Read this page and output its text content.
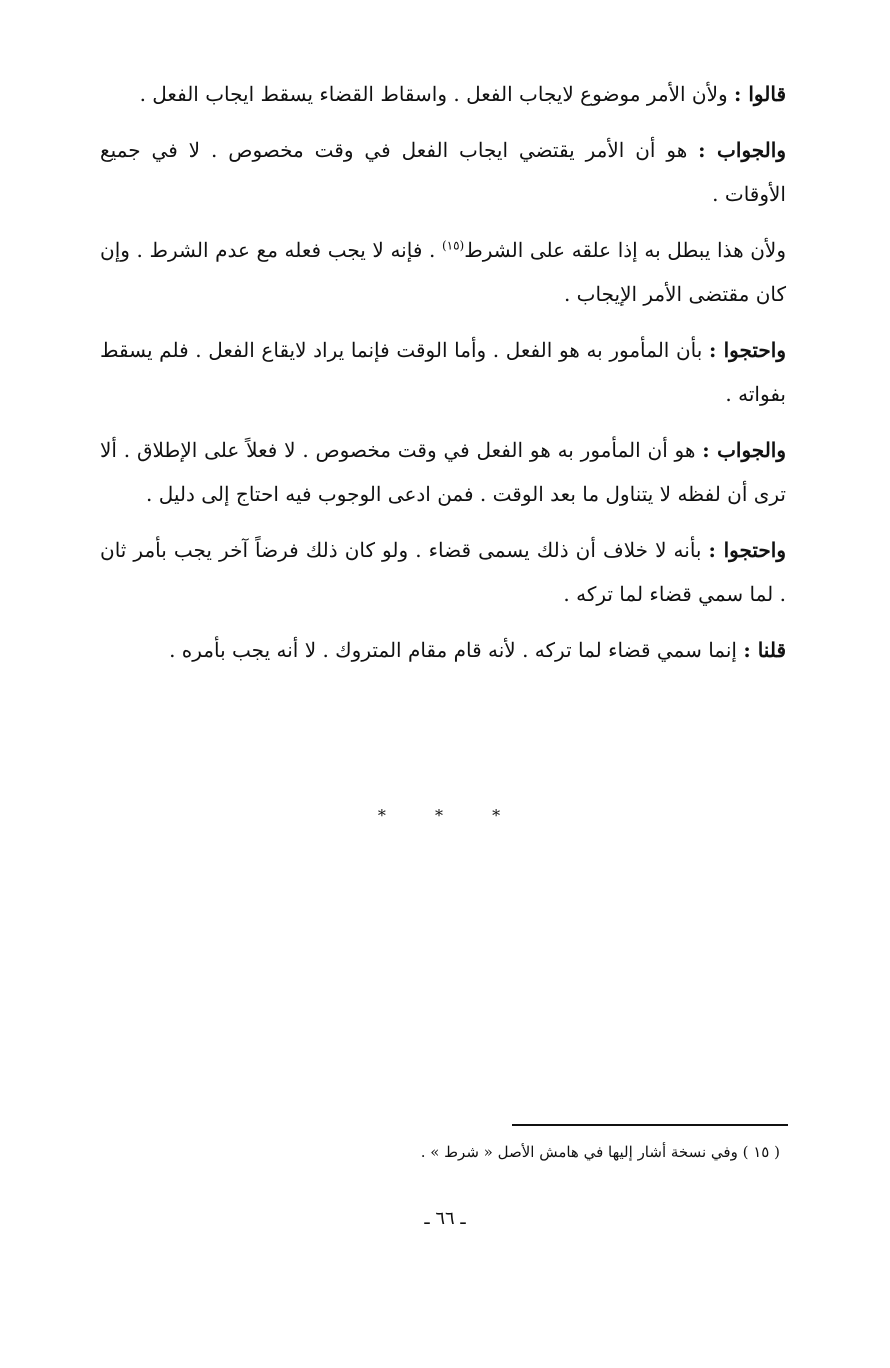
قالوا : ولأن الأمر موضوع لايجاب الفعل . واسقاط القضاء يسقط ايجاب الفعل .

والجواب : هو أن الأمر يقتضي ايجاب الفعل في وقت مخصوص . لا في جميع الأوقات .

ولأن هذا يبطل به إذا علقه على الشرط$^{(١٥)}$ . فإنه لا يجب فعله مع عدم الشرط . وإن كان مقتضى الأمر الإيجاب .

واحتجوا : بأن المأمور به هو الفعل . وأما الوقت فإنما يراد لايقاع الفعل . فلم يسقط بفواته .

والجواب : هو أن المأمور به هو الفعل في وقت مخصوص . لا فعلاً على الإطلاق . ألا ترى أن لفظه لا يتناول ما بعد الوقت . فمن ادعى الوجوب فيه احتاج إلى دليل .

واحتجوا : بأنه لا خلاف أن ذلك يسمى قضاء . ولو كان ذلك فرضاً آخر يجب بأمر ثان . لما سمي قضاء لما تركه .

قلنا : إنما سمي قضاء لما تركه . لأنه قام مقام المتروك . لا أنه يجب بأمره .

* * *
( ١٥ ) وفي نسخة أشار إليها في هامش الأصل « شرط » .
ـ ٦٦ ـ
